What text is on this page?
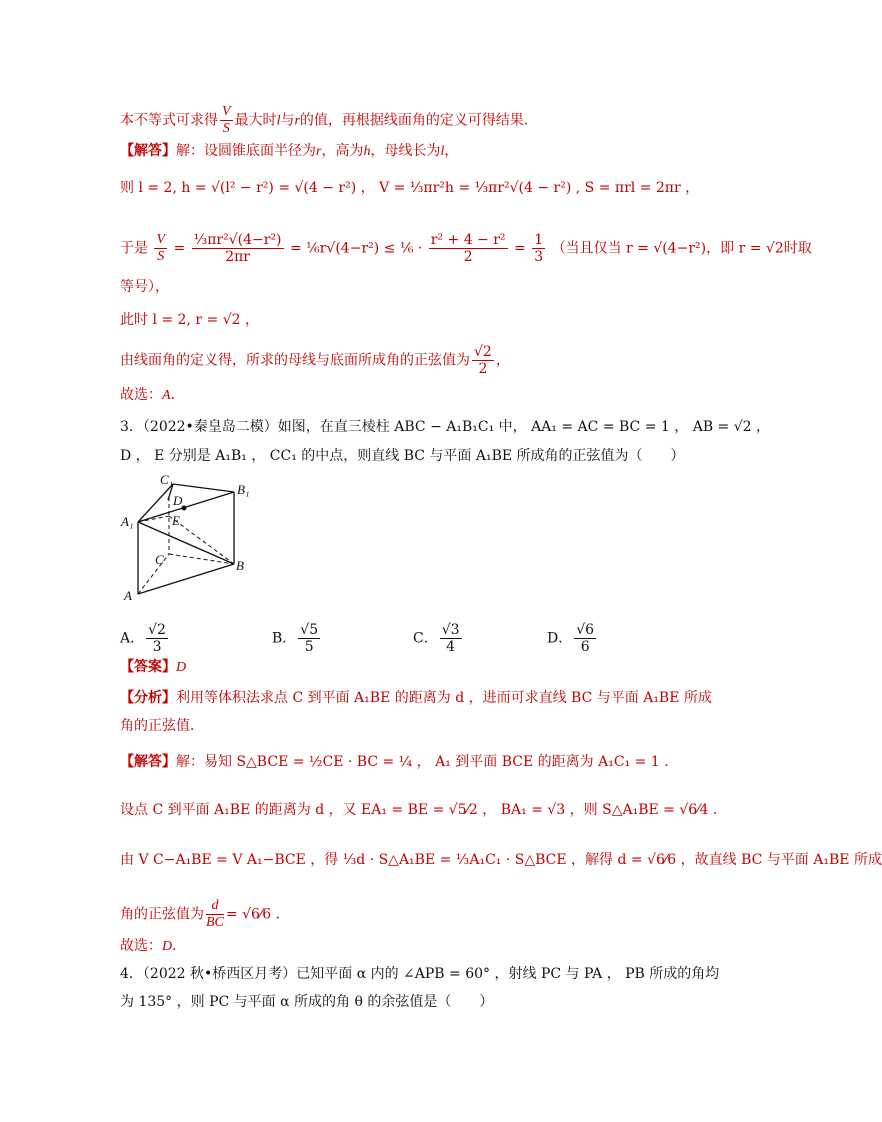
本不等式可求得 $\frac{V}{S}$ 最大时l与r的值，再根据线面角的定义可得结果．
【解答】解：设圆锥底面半径为r，高为h，母线长为l，
则 l = 2, h = √(l² − r²) = √(4 − r²) ， V = ⅓πr²h = ⅓πr²√(4 − r²) , S = πrl = 2πr ，
于是 $\frac{V}{S} = \frac{\text{⅓πr²√(4−r²)}}{2\pi r}$ = ⅙r√(4−r²) ≤ ⅙ · $\frac{\text{r² + 4 − r²}}{2} = \frac{1}{3}$ （当且仅当 r = √(4−r²)，即 r = √2时取
等号），
此时 l = 2, r = √2 ，
由线面角的定义得，所求的母线与底面所成角的正弦值为 $\frac{√2}{2}$ ，
故选：A．
3．（2022•秦皇岛二模）如图，在直三棱柱 ABC − A₁B₁C₁ 中， AA₁ = AC = BC = 1 ， AB = √2 ，
D ， E 分别是 A₁B₁ ， CC₁ 的中点，则直线 BC 与平面 A₁BE 所成角的正弦值为（　　）
C₁
B₁
D
A₁	E
C	B
A
A． $\frac{√2}{3}$	B． $\frac{√5}{5}$	C． $\frac{√3}{4}$	D． $\frac{√6}{6}$
【答案】D
【分析】利用等体积法求点 C 到平面 A₁BE 的距离为 d ，进而可求直线 BC 与平面 A₁BE 所成
角的正弦值．
【解答】解：易知 S△BCE = ½CE · BC = ¼ ， A₁ 到平面 BCE 的距离为 A₁C₁ = 1 ．
设点 C 到平面 A₁BE 的距离为 d ，又 EA₁ = BE = √5⁄2 ， BA₁ = √3 ，则 S△A₁BE = √6⁄4 ．
由 V C−A₁BE = V A₁−BCE ，得 ⅓d · S△A₁BE = ⅓A₁C₁ · S△BCE ，解得 d = √6⁄6 ，故直线 BC 与平面 A₁BE 所成
角的正弦值为 $\frac{d}{BC}$ = √6⁄6 ．
故选：D．
4．（2022 秋•桥西区月考）已知平面 α 内的 ∠APB = 60° ，射线 PC 与 PA ， PB 所成的角均
为 135° ，则 PC 与平面 α 所成的角 θ 的余弦值是（　　）
